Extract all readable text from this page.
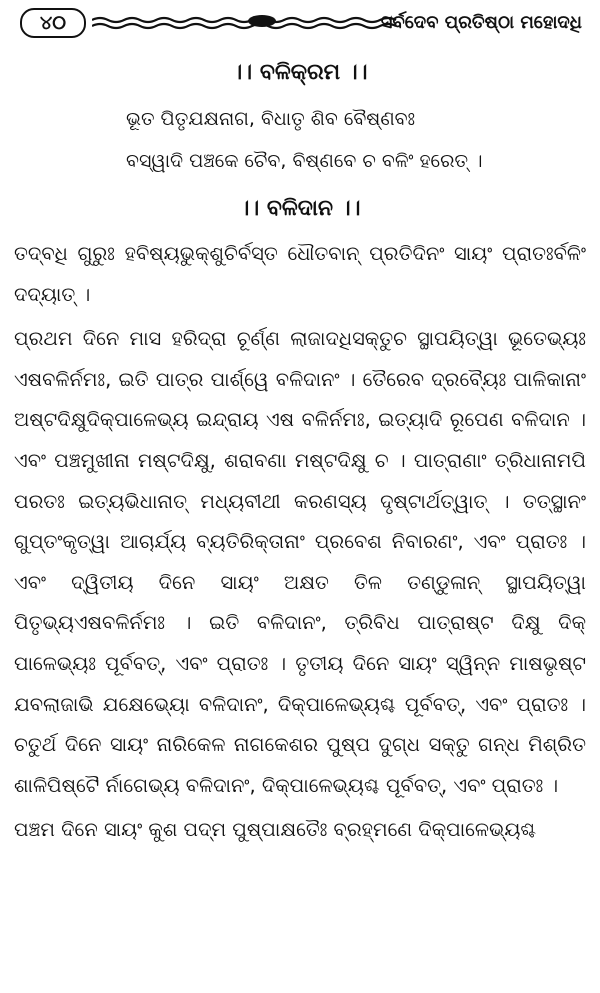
୪୦	ସର୍ବଦେବ ପ୍ରତିଷ୍ଠା ମହୋଦଧି
।। ବଳିକ୍ରମ ।।
ଭୂତ ପିତୃଯକ୍ଷନାଗ, ବିଧାତୃ ଶିବ ବୈଷ୍ଣବଃ
ବସ୍ୱାଦି ପଞ୍ଚକେ ଚୈବ, ବିଷ୍ଣବେ ଚ ବଳିଂ ହରେତ୍ ।
।। ବଳିଦାନ ।।

ତଦ୍‌ବଧି ଗୁରୁଃ ହବିଷ୍ୟଭୁକ୍‌ଶୁଚିର୍ବସ୍ତ ଧୌତବାନ୍ ପ୍ରତିଦିନଂ ସାୟଂ ପ୍ରାତଃର୍ବଳିଂ ଦଦ୍ୟାତ୍ ।

ପ୍ରଥମ ଦିନେ ମାସ ହରିଦ୍ରା ଚୂର୍ଣ୍ଣ ଲାଜାଦଧିସକ୍ତୁଚ ସ୍ଥାପୟିତ୍ୱା ଭୂତେଭ୍ୟଃ ଏଷବଳିର୍ନମଃ, ଇତି ପାତ୍ର ପାର୍ଶ୍ୱେ ବଳିଦାନଂ । ତୈରେବ ଦ୍ରବ୍ୟୈଃ ପାଳିକାନାଂ ଅଷ୍ଟଦିକ୍ଷୁଦିକ୍‌ପାଳେଭ୍ୟ ଇନ୍ଦ୍ରାୟ ଏଷ ବଳିର୍ନମଃ, ଇତ୍ୟାଦି ରୂପେଣ ବଳିଦାନ । ଏବଂ ପଞ୍ଚମୁଖୀନା ମଷ୍ଟଦିକ୍ଷୁ, ଶରାବଣା ମଷ୍ଟଦିକ୍ଷୁ ଚ । ପାତ୍ରାଣାଂ ତ୍ରିଧାନାମପି ପରତଃ ଇତ୍ୟଭିଧାନାତ୍ ମଧ୍ୟବୀଥୀ କରଣସ୍ୟ ଦୃଷ୍ଟାର୍ଥତ୍ୱାତ୍ । ତତ୍‌ସ୍ଥାନଂ ଗୁପ୍ତଂକୃତ୍ୱା ଆଚାର୍ଯ୍ୟ ବ୍ୟତିରିକ୍ତାନାଂ ପ୍ରବେଶ ନିବାରଣଂ, ଏବଂ ପ୍ରାତଃ । ଏବଂ ଦ୍ୱିତୀୟ ଦିନେ ସାୟଂ ଅକ୍ଷତ ତିଳ ତଣ୍ଡୁଳାନ୍ ସ୍ଥାପୟିତ୍ୱା ପିତୃଭ୍ୟଏଷବଳିର୍ନମଃ । ଇତି ବଳିଦାନଂ, ତ୍ରିବିଧ ପାତ୍ରାଷ୍ଟ ଦିକ୍ଷୁ ଦିକ୍ ପାଳେଭ୍ୟଃ ପୂର୍ବବତ୍, ଏବଂ ପ୍ରାତଃ । ତୃତୀୟ ଦିନେ ସାୟଂ ସ୍ୱିନ୍ନ ମାଷଭୃଷ୍ଟ ଯବଲାଜାଭି ଯକ୍ଷେଭ୍ୟୋ ବଳିଦାନଂ, ଦିକ୍‌ପାଳେଭ୍ୟଶ୍ଚ ପୂର୍ବବତ୍, ଏବଂ ପ୍ରାତଃ । ଚତୁର୍ଥ ଦିନେ ସାୟଂ ନାରିକେଳ ନାଗକେଶର ପୁଷ୍ପ ଦୁଗ୍ଧ ସକ୍ତୁ ଗନ୍ଧ ମିଶ୍ରିତ ଶାଳିପିଷ୍ଟୈ ର୍ନାଗେଭ୍ୟ ବଳିଦାନଂ, ଦିକ୍‌ପାଳେଭ୍ୟଶ୍ଚ ପୂର୍ବବତ୍, ଏବଂ ପ୍ରାତଃ ।

ପଞ୍ଚମ ଦିନେ ସାୟଂ କୁଶ ପଦ୍ମ ପୁଷ୍ପାକ୍ଷତୈଃ ବ୍ରହ୍ମଣେ ଦିକ୍‌ପାଳେଭ୍ୟଶ୍ଚ
